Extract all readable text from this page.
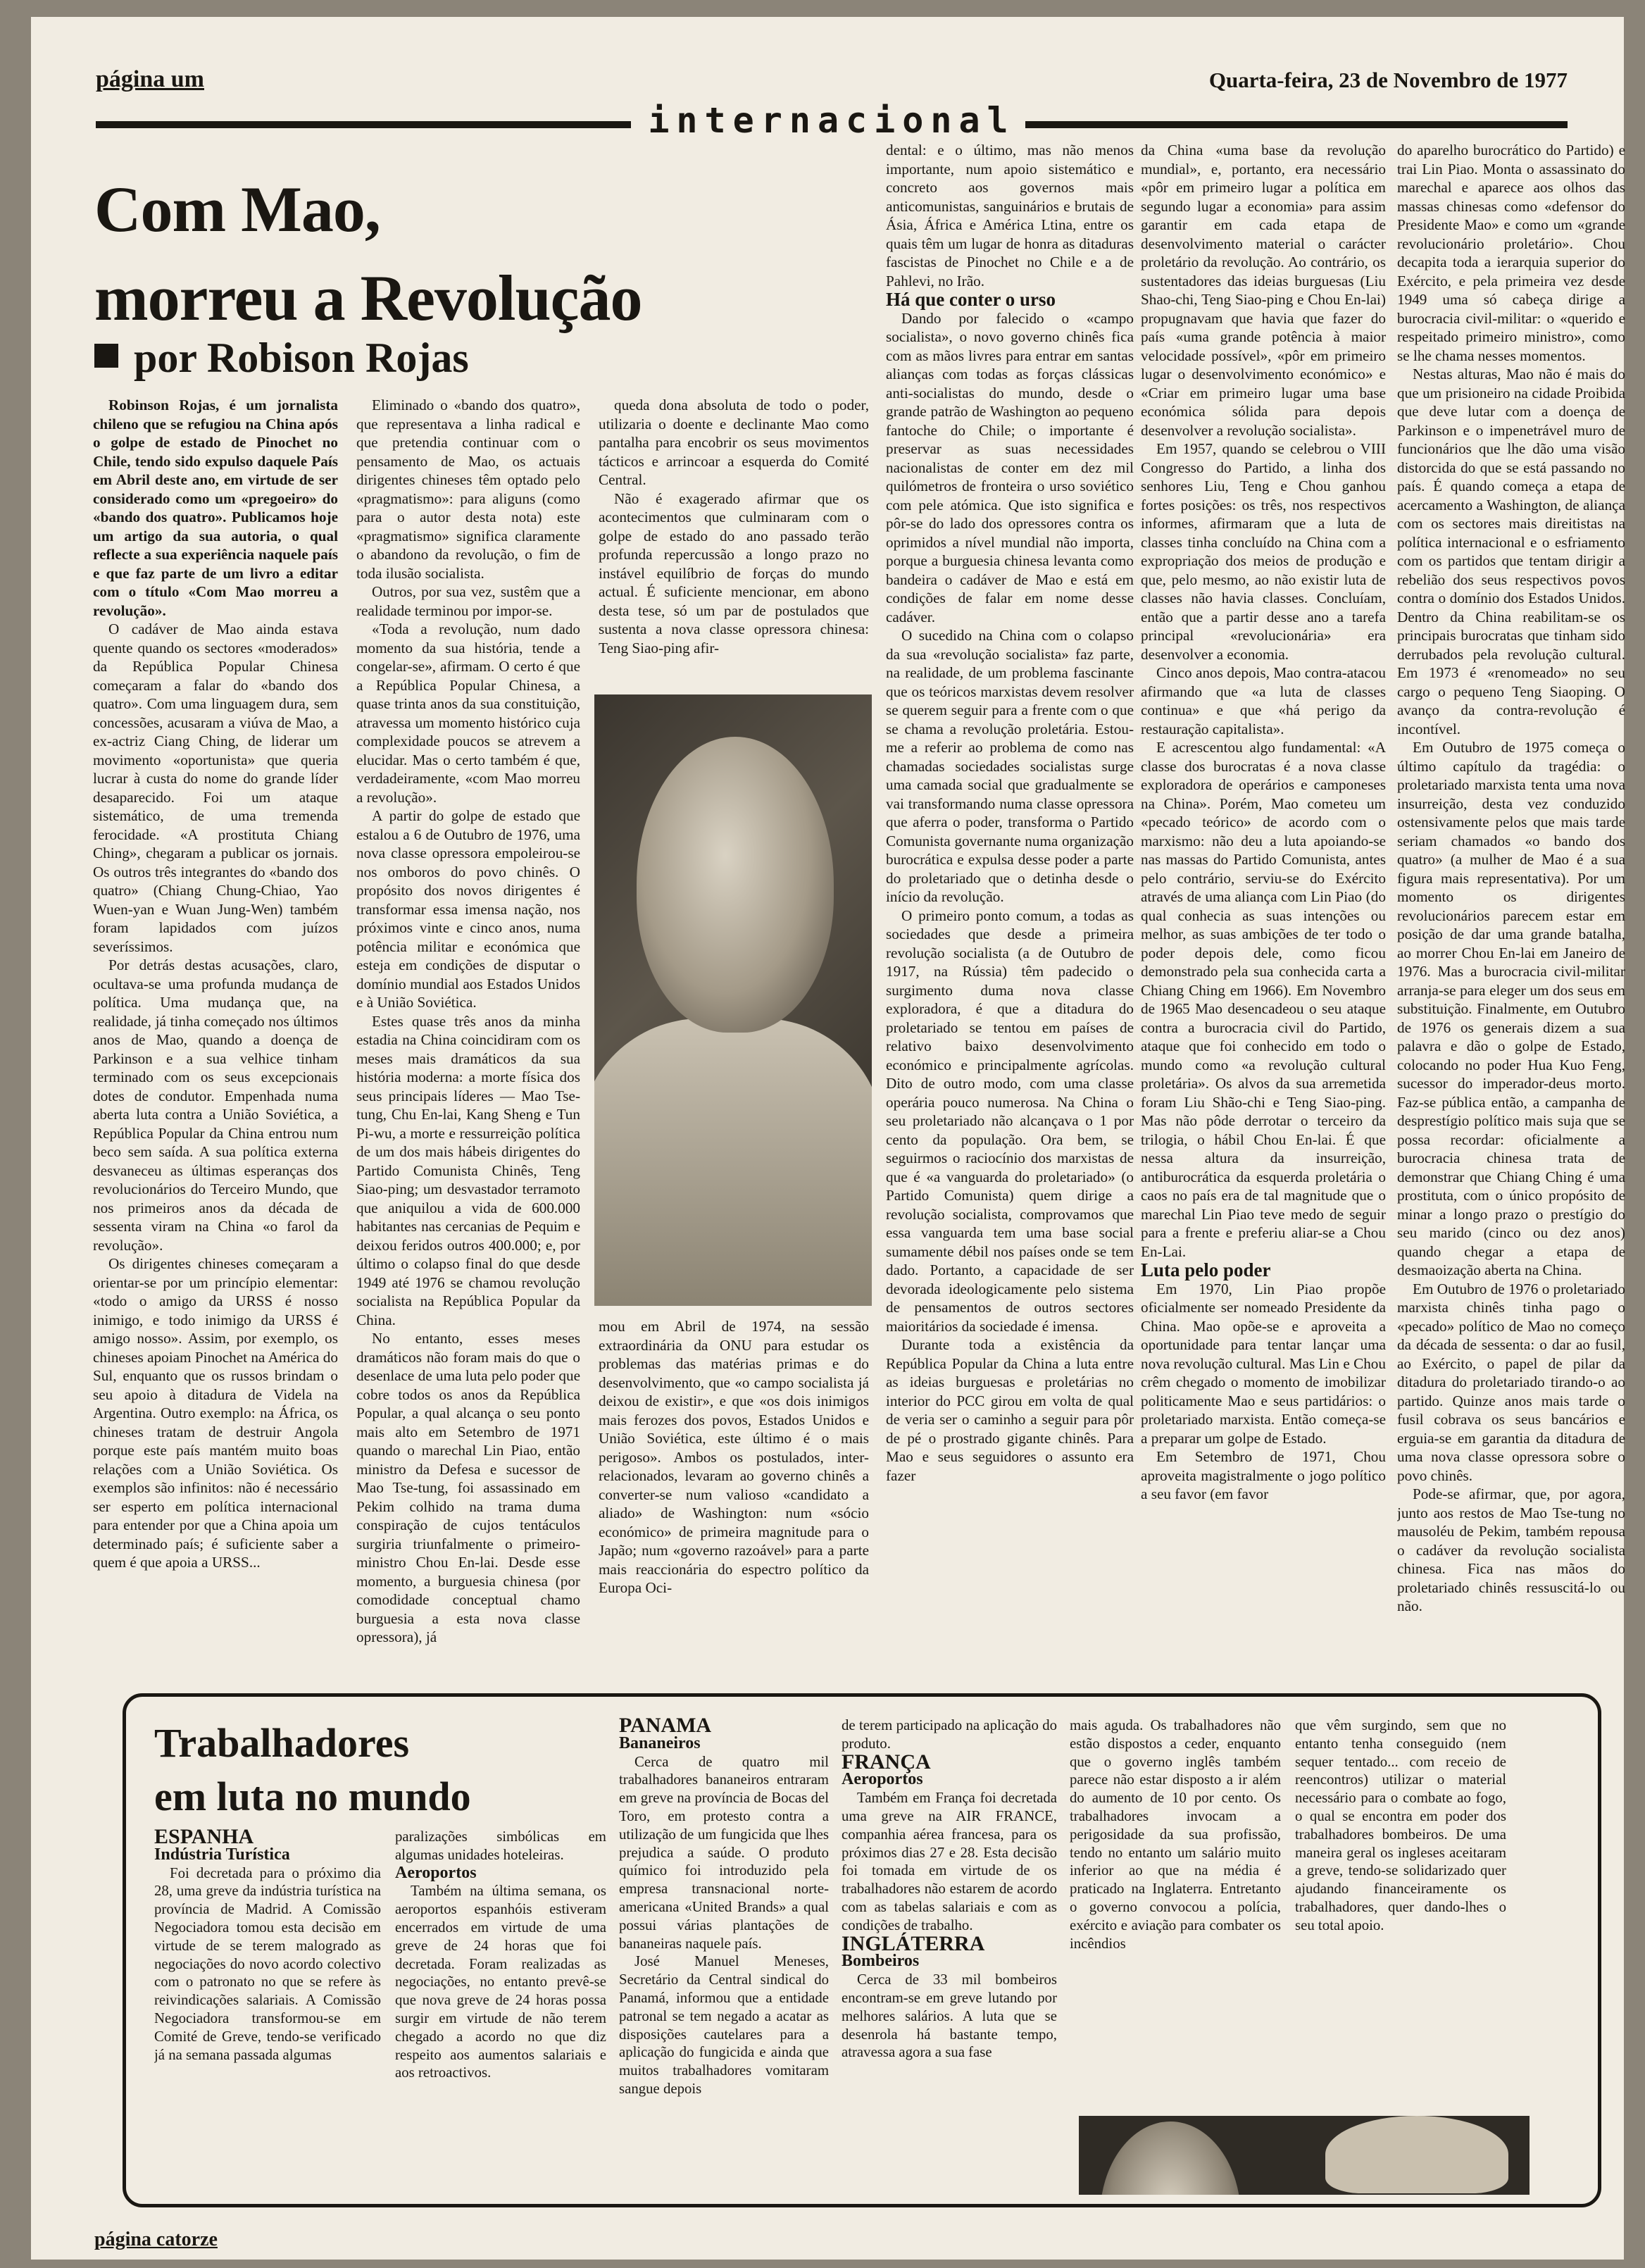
página um
internacional
Quarta-feira, 23 de Novembro de 1977
Com Mao,
morreu a Revolução
por Robison Rojas

Robinson Rojas, é um jornalista chileno que se refugiou na China após o golpe de estado de Pinochet no Chile, tendo sido expulso daquele País em Abril deste ano, em virtude de ser considerado como um «pregoeiro» do «bando dos quatro». Publicamos hoje um artigo da sua autoria, o qual reflecte a sua experiência naquele país e que faz parte de um livro a editar com o título «Com Mao morreu a revolução».

O cadáver de Mao ainda estava quente quando os sectores «moderados» da República Popular Chinesa começaram a falar do «bando dos quatro». Com uma linguagem dura, sem concessões, acusaram a viúva de Mao, a ex-actriz Ciang Ching, de liderar um movimento «oportunista» que queria lucrar à custa do nome do grande líder desaparecido. Foi um ataque sistemático, de uma tremenda ferocidade. «A prostituta Chiang Ching», chegaram a publicar os jornais. Os outros três integrantes do «bando dos quatro» (Chiang Chung-Chiao, Yao Wuen-yan e Wuan Jung-Wen) também foram lapidados com juízos severíssimos.

Por detrás destas acusações, claro, ocultava-se uma profunda mudança de política. Uma mudança que, na realidade, já tinha começado nos últimos anos de Mao, quando a doença de Parkinson e a sua velhice tinham terminado com os seus excepcionais dotes de condutor. Empenhada numa aberta luta contra a União Soviética, a República Popular da China entrou num beco sem saída. A sua política externa desvaneceu as últimas esperanças dos revolucionários do Terceiro Mundo, que nos primeiros anos da década de sessenta viram na China «o farol da revolução».

Os dirigentes chineses começaram a orientar-se por um princípio elementar: «todo o amigo da URSS é nosso inimigo, e todo inimigo da URSS é amigo nosso». Assim, por exemplo, os chineses apoiam Pinochet na América do Sul, enquanto que os russos brindam o seu apoio à ditadura de Videla na Argentina. Outro exemplo: na África, os chineses tratam de destruir Angola porque este país mantém muito boas relações com a União Soviética. Os exemplos são infinitos: não é necessário ser esperto em política internacional para entender por que a China apoia um determinado país; é suficiente saber a quem é que apoia a URSS...

Eliminado o «bando dos quatro», que representava a linha radical e que pretendia continuar com o pensamento de Mao, os actuais dirigentes chineses têm optado pelo «pragmatismo»: para aliguns (como para o autor desta nota) este «pragmatismo» significa claramente o abandono da revolução, o fim de toda ilusão socialista.

Outros, por sua vez, sustêm que a realidade terminou por impor-se.

«Toda a revolução, num dado momento da sua história, tende a congelar-se», afirmam. O certo é que a República Popular Chinesa, a quase trinta anos da sua constituição, atravessa um momento histórico cuja complexidade poucos se atrevem a elucidar. Mas o certo também é que, verdadeiramente, «com Mao morreu a revolução».

A partir do golpe de estado que estalou a 6 de Outubro de 1976, uma nova classe opressora empoleirou-se nos omboros do povo chinês. O propósito dos novos dirigentes é transformar essa imensa nação, nos próximos vinte e cinco anos, numa potência militar e económica que esteja em condições de disputar o domínio mundial aos Estados Unidos e à União Soviética.

Estes quase três anos da minha estadia na China coincidiram com os meses mais dramáticos da sua história moderna: a morte física dos seus principais líderes — Mao Tse-tung, Chu En-lai, Kang Sheng e Tun Pi-wu, a morte e ressurreição política de um dos mais hábeis dirigentes do Partido Comunista Chinês, Teng Siao-ping; um desvastador terramoto que aniquilou a vida de 600.000 habitantes nas cercanias de Pequim e deixou feridos outros 400.000; e, por último o colapso final do que desde 1949 até 1976 se chamou revolução socialista na República Popular da China.

No entanto, esses meses dramáticos não foram mais do que o desenlace de uma luta pelo poder que cobre todos os anos da República Popular, a qual alcança o seu ponto mais alto em Setembro de 1971 quando o marechal Lin Piao, então ministro da Defesa e sucessor de Mao Tse-tung, foi assassinado em Pekim colhido na trama duma conspiração de cujos tentáculos surgiria triunfalmente o primeiro-ministro Chou En-lai. Desde esse momento, a burguesia chinesa (por comodidade conceptual chamo burguesia a esta nova classe opressora), já

queda dona absoluta de todo o poder, utilizaria o doente e declinante Mao como pantalha para encobrir os seus movimentos tácticos e arrincoar a esquerda do Comité Central.

Não é exagerado afirmar que os acontecimentos que culminaram com o golpe de estado do ano passado terão profunda repercussão a longo prazo no instável equilíbrio de forças do mundo actual. É suficiente mencionar, em abono desta tese, só um par de postulados que sustenta a nova classe opressora chinesa: Teng Siao-ping afir-

mou em Abril de 1974, na sessão extraordinária da ONU para estudar os problemas das matérias primas e do desenvolvimento, que «o campo socialista já deixou de existir», e que «os dois inimigos mais ferozes dos povos, Estados Unidos e União Soviética, este último é o mais perigoso». Ambos os postulados, inter-relacionados, levaram ao governo chinês a converter-se num valioso «candidato a aliado» de Washington: num «sócio económico» de primeira magnitude para o Japão; num «governo razoável» para a parte mais reaccionária do espectro político da Europa Oci-

dental: e o último, mas não menos importante, num apoio sistemático e concreto aos governos mais anticomunistas, sanguinários e brutais de Ásia, África e América Ltina, entre os quais têm um lugar de honra as ditaduras fascistas de Pinochet no Chile e a de Pahlevi, no Irão.

Há que conter o urso

Dando por falecido o «campo socialista», o novo governo chinês fica com as mãos livres para entrar em santas alianças com todas as forças clássicas anti-socialistas do mundo, desde o grande patrão de Washington ao pequeno fantoche do Chile; o importante é preservar as suas necessidades nacionalistas de conter em dez mil quilómetros de fronteira o urso soviético com pele atómica. Que isto significa e pôr-se do lado dos opressores contra os oprimidos a nível mundial não importa, porque a burguesia chinesa levanta como bandeira o cadáver de Mao e está em condições de falar em nome desse cadáver.

O sucedido na China com o colapso da sua «revolução socialista» faz parte, na realidade, de um problema fascinante que os teóricos marxistas devem resolver se querem seguir para a frente com o que se chama a revolução proletária. Estou-me a referir ao problema de como nas chamadas sociedades socialistas surge uma camada social que gradualmente se vai transformando numa classe opressora que aferra o poder, transforma o Partido Comunista governante numa organização burocrática e expulsa desse poder a parte do proletariado que o detinha desde o início da revolução.

O primeiro ponto comum, a todas as sociedades que desde a primeira revolução socialista (a de Outubro de 1917, na Rússia) têm padecido o surgimento duma nova classe exploradora, é que a ditadura do proletariado se tentou em países de relativo baixo desenvolvimento económico e principalmente agrícolas. Dito de outro modo, com uma classe operária pouco numerosa. Na China o seu proletariado não alcançava o 1 por cento da população. Ora bem, se seguirmos o raciocínio dos marxistas de que é «a vanguarda do proletariado» (o Partido Comunista) quem dirige a revolução socialista, comprovamos que essa vanguarda tem uma base social sumamente débil nos países onde se tem dado. Portanto, a capacidade de ser devorada ideologicamente pelo sistema de pensamentos de outros sectores maioritários da sociedade é imensa.

Durante toda a existência da República Popular da China a luta entre as ideias burguesas e proletárias no interior do PCC girou em volta de qual de veria ser o caminho a seguir para pôr de pé o prostrado gigante chinês. Para Mao e seus seguidores o assunto era fazer

da China «uma base da revolução mundial», e, portanto, era necessário «pôr em primeiro lugar a política em segundo lugar a economia» para assim garantir em cada etapa de desenvolvimento material o carácter proletário da revolução. Ao contrário, os sustentadores das ideias burguesas (Liu Shao-chi, Teng Siao-ping e Chou En-lai) propugnavam que havia que fazer do país «uma grande potência à maior velocidade possível», «pôr em primeiro lugar o desenvolvimento económico» e «Criar em primeiro lugar uma base económica sólida para depois desenvolver a revolução socialista».

Em 1957, quando se celebrou o VIII Congresso do Partido, a linha dos senhores Liu, Teng e Chou ganhou fortes posições: os três, nos respectivos informes, afirmaram que a luta de classes tinha concluído na China com a expropriação dos meios de produção e que, pelo mesmo, ao não existir luta de classes não havia classes. Concluíam, então que a partir desse ano a tarefa principal «revolucionária» era desenvolver a economia.

Cinco anos depois, Mao contra-atacou afirmando que «a luta de classes continua» e que «há perigo da restauração capitalista».

E acrescentou algo fundamental: «A classe dos burocratas é a nova classe exploradora de operários e camponeses na China». Porém, Mao cometeu um «pecado teórico» de acordo com o marxismo: não deu a luta apoiando-se nas massas do Partido Comunista, antes pelo contrário, serviu-se do Exército através de uma aliança com Lin Piao (do qual conhecia as suas intenções ou melhor, as suas ambições de ter todo o poder depois dele, como ficou demonstrado pela sua conhecida carta a Chiang Ching em 1966). Em Novembro de 1965 Mao desencadeou o seu ataque contra a burocracia civil do Partido, ataque que foi conhecido em todo o mundo como «a revolução cultural proletária». Os alvos da sua arremetida foram Liu Shão-chi e Teng Siao-ping. Mas não pôde derrotar o terceiro da trilogia, o hábil Chou En-lai. É que nessa altura da insurreição, antiburocrática da esquerda proletária o caos no país era de tal magnitude que o marechal Lin Piao teve medo de seguir para a frente e preferiu aliar-se a Chou En-Lai.

Luta pelo poder

Em 1970, Lin Piao propõe oficialmente ser nomeado Presidente da China. Mao opõe-se e aproveita a oportunidade para tentar lançar uma nova revolução cultural. Mas Lin e Chou crêm chegado o momento de imobilizar politicamente Mao e seus partidários: o proletariado marxista. Então começa-se a preparar um golpe de Estado.

Em Setembro de 1971, Chou aproveita magistralmente o jogo político a seu favor (em favor

do aparelho burocrático do Partido) e trai Lin Piao. Monta o assassinato do marechal e aparece aos olhos das massas chinesas como «defensor do Presidente Mao» e como um «grande revolucionário proletário». Chou decapita toda a ierarquia superior do Exército, e pela primeira vez desde 1949 uma só cabeça dirige a burocracia civil-militar: o «querido e respeitado primeiro ministro», como se lhe chama nesses momentos.

Nestas alturas, Mao não é mais do que um prisioneiro na cidade Proibida que deve lutar com a doença de Parkinson e o impenetrável muro de funcionários que lhe dão uma visão distorcida do que se está passando no país. É quando começa a etapa de acercamento a Washington, de aliança com os sectores mais direitistas na política internacional e o esfriamento com os partidos que tentam dirigir a rebelião dos seus respectivos povos contra o domínio dos Estados Unidos. Dentro da China reabilitam-se os principais burocratas que tinham sido derrubados pela revolução cultural. Em 1973 é «renomeado» no seu cargo o pequeno Teng Siaoping. O avanço da contra-revolução é incontível.

Em Outubro de 1975 começa o último capítulo da tragédia: o proletariado marxista tenta uma nova insurreição, desta vez conduzido ostensivamente pelos que mais tarde seriam chamados «o bando dos quatro» (a mulher de Mao é a sua figura mais representativa). Por um momento os dirigentes revolucionários parecem estar em posição de dar uma grande batalha, ao morrer Chou En-lai em Janeiro de 1976. Mas a burocracia civil-militar arranja-se para eleger um dos seus em substituição. Finalmente, em Outubro de 1976 os generais dizem a sua palavra e dão o golpe de Estado, colocando no poder Hua Kuo Feng, sucessor do imperador-deus morto. Faz-se pública então, a campanha de desprestígio político mais suja que se possa recordar: oficialmente a burocracia chinesa trata de demonstrar que Chiang Ching é uma prostituta, com o único propósito de minar a longo prazo o prestígio do seu marido (cinco ou dez anos) quando chegar a etapa de desmaoização aberta na China.

Em Outubro de 1976 o proletariado marxista chinês tinha pago o «pecado» político de Mao no começo da década de sessenta: o dar ao fusil, ao Exército, o papel de pilar da ditadura do proletariado tirando-o ao partido. Quinze anos mais tarde o fusil cobrava os seus bancários e erguia-se em garantia da ditadura de uma nova classe opressora sobre o povo chinês.

Pode-se afirmar, que, por agora, junto aos restos de Mao Tse-tung no mausoléu de Pekim, também repousa o cadáver da revolução socialista chinesa. Fica nas mãos do proletariado chinês ressuscitá-lo ou não.

Trabalhadores
em luta no mundo

ESPANHA

Indústria Turística

Foi decretada para o próximo dia 28, uma greve da indústria turística na província de Madrid. A Comissão Negociadora tomou esta decisão em virtude de se terem malogrado as negociações do novo acordo colectivo com o patronato no que se refere às reivindicações salariais. A Comissão Negociadora transformou-se em Comité de Greve, tendo-se verificado já na semana passada algumas

paralizações simbólicas em algumas unidades hoteleiras.

Aeroportos

Também na última semana, os aeroportos espanhóis estiveram encerrados em virtude de uma greve de 24 horas que foi decretada. Foram realizadas as negociações, no entanto prevê-se que nova greve de 24 horas possa surgir em virtude de não terem chegado a acordo no que diz respeito aos aumentos salariais e aos retroactivos.

PANAMA

Bananeiros

Cerca de quatro mil trabalhadores bananeiros entraram em greve na província de Bocas del Toro, em protesto contra a utilização de um fungicida que lhes prejudica a saúde. O produto químico foi introduzido pela empresa transnacional norte-americana «United Brands» a qual possui várias plantações de bananeiras naquele país.

José Manuel Meneses, Secretário da Central sindical do Panamá, informou que a entidade patronal se tem negado a acatar as disposições cautelares para a aplicação do fungicida e ainda que muitos trabalhadores vomitaram sangue depois

de terem participado na aplicação do produto.

FRANÇA

Aeroportos

Também em França foi decretada uma greve na AIR FRANCE, companhia aérea francesa, para os próximos dias 27 e 28. Esta decisão foi tomada em virtude de os trabalhadores não estarem de acordo com as tabelas salariais e com as condições de trabalho.

INGLÁTERRA

Bombeiros

Cerca de 33 mil bombeiros encontram-se em greve lutando por melhores salários. A luta que se desenrola há bastante tempo, atravessa agora a sua fase

mais aguda. Os trabalhadores não estão dispostos a ceder, enquanto que o governo inglês também parece não estar disposto a ir além do aumento de 10 por cento. Os trabalhadores invocam a perigosidade da sua profissão, tendo no entanto um salário muito inferior ao que na média é praticado na Inglaterra. Entretanto o governo convocou a polícia, exército e aviação para combater os incêndios

que vêm surgindo, sem que no entanto tenha conseguido (nem sequer tentado... com receio de reencontros) utilizar o material necessário para o combate ao fogo, o qual se encontra em poder dos trabalhadores bombeiros. De uma maneira geral os ingleses aceitaram a greve, tendo-se solidarizado quer ajudando financeiramente os trabalhadores, quer dando-lhes o seu total apoio.

página catorze
